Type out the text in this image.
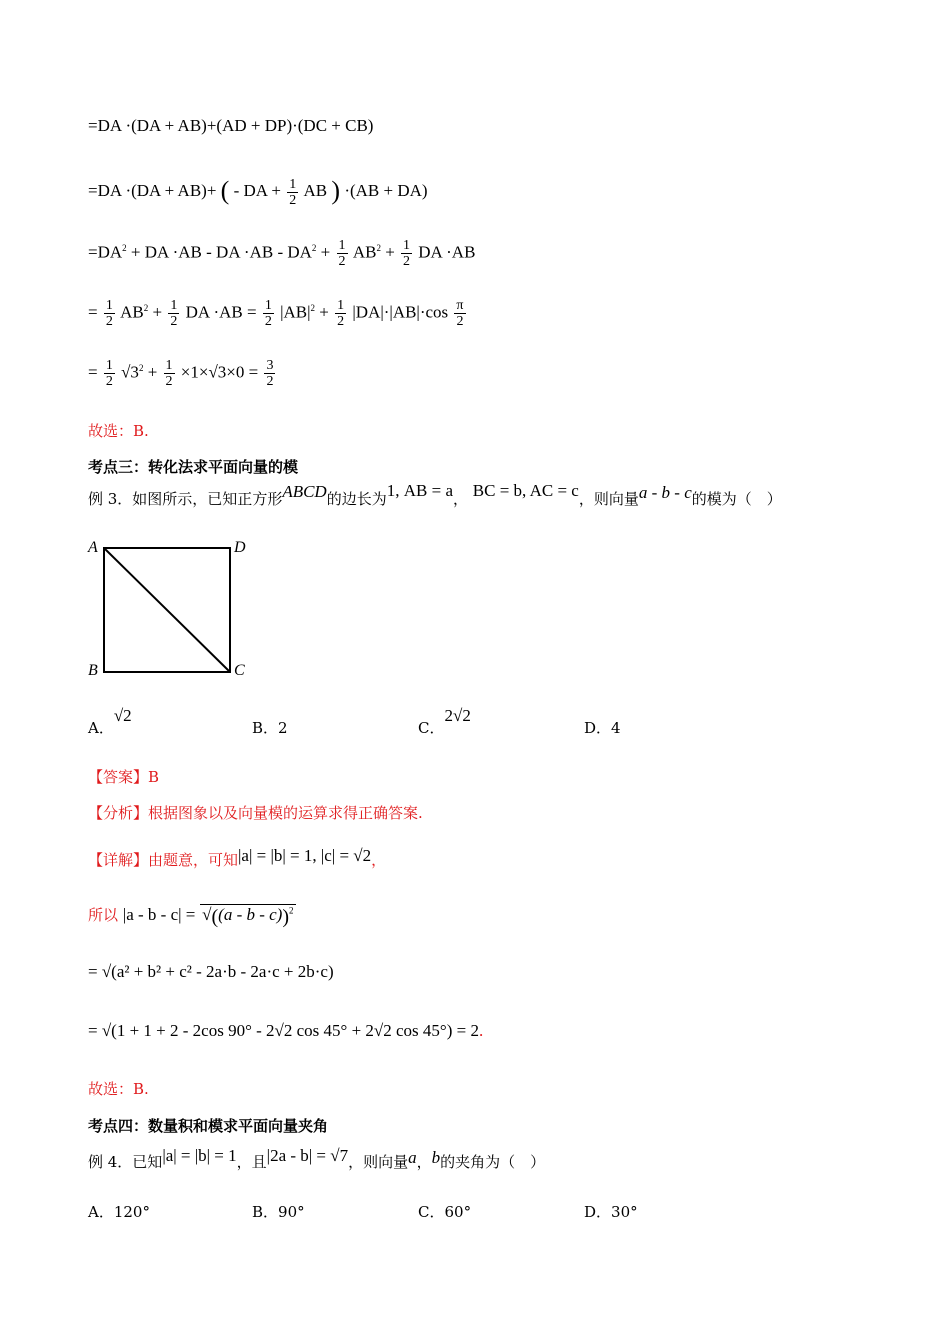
=DA ·(DA + AB)+(AD + DP)·(DC + CB)
=DA ·(DA + AB)+ ( - DA + $\frac{1}{2}$ AB ) ·(AB + DA)
$=DA^2$ + DA ·AB - DA $\cdot AB - DA^2 + \frac{1}{2} AB^2 + \frac{1}{2}$ DA ·AB
= $\frac{1}{2} AB^2 + \frac{1}{2}$ DA $\cdot AB = \frac{1}{2} |AB|^2 + \frac{1}{2} |DA|\cdot|AB|\cdot\cos \frac{\pi}{2}$
= $\frac{1}{2} √3^2 + \frac{1}{2} \times 1\times√3\times 0 = \frac{3}{2}$
故选：B.
考点三：转化法求平面向量的模
例 3．如图所示，已知正方形ABCD的边长为1, AB = a， BC = b, AC = c，则向量a - b - c的模为（　）
A	D
B	C
A．√2
B．2	C．2√2
D．4
【答案】B
【分析】根据图象以及向量模的运算求得正确答案.
【详解】由题意，可知|a| = |b| = 1, |c| = √2，
所以 |a - b - c| = √((a - b - c))$^2$
= √(a² + b² + c² - 2a·b - 2a·c + 2b·c)
= √(1 + 1 + 2 - 2cos 90° - 2√2 cos 45° + 2√2 cos 45°) = 2.
故选：B.
考点四：数量积和模求平面向量夹角
例 4．已知|a| = |b| = 1，且|2a - b| = √7，则向量a，b的夹角为（　）
A．120°	B．90°	C．60°	D．30°
